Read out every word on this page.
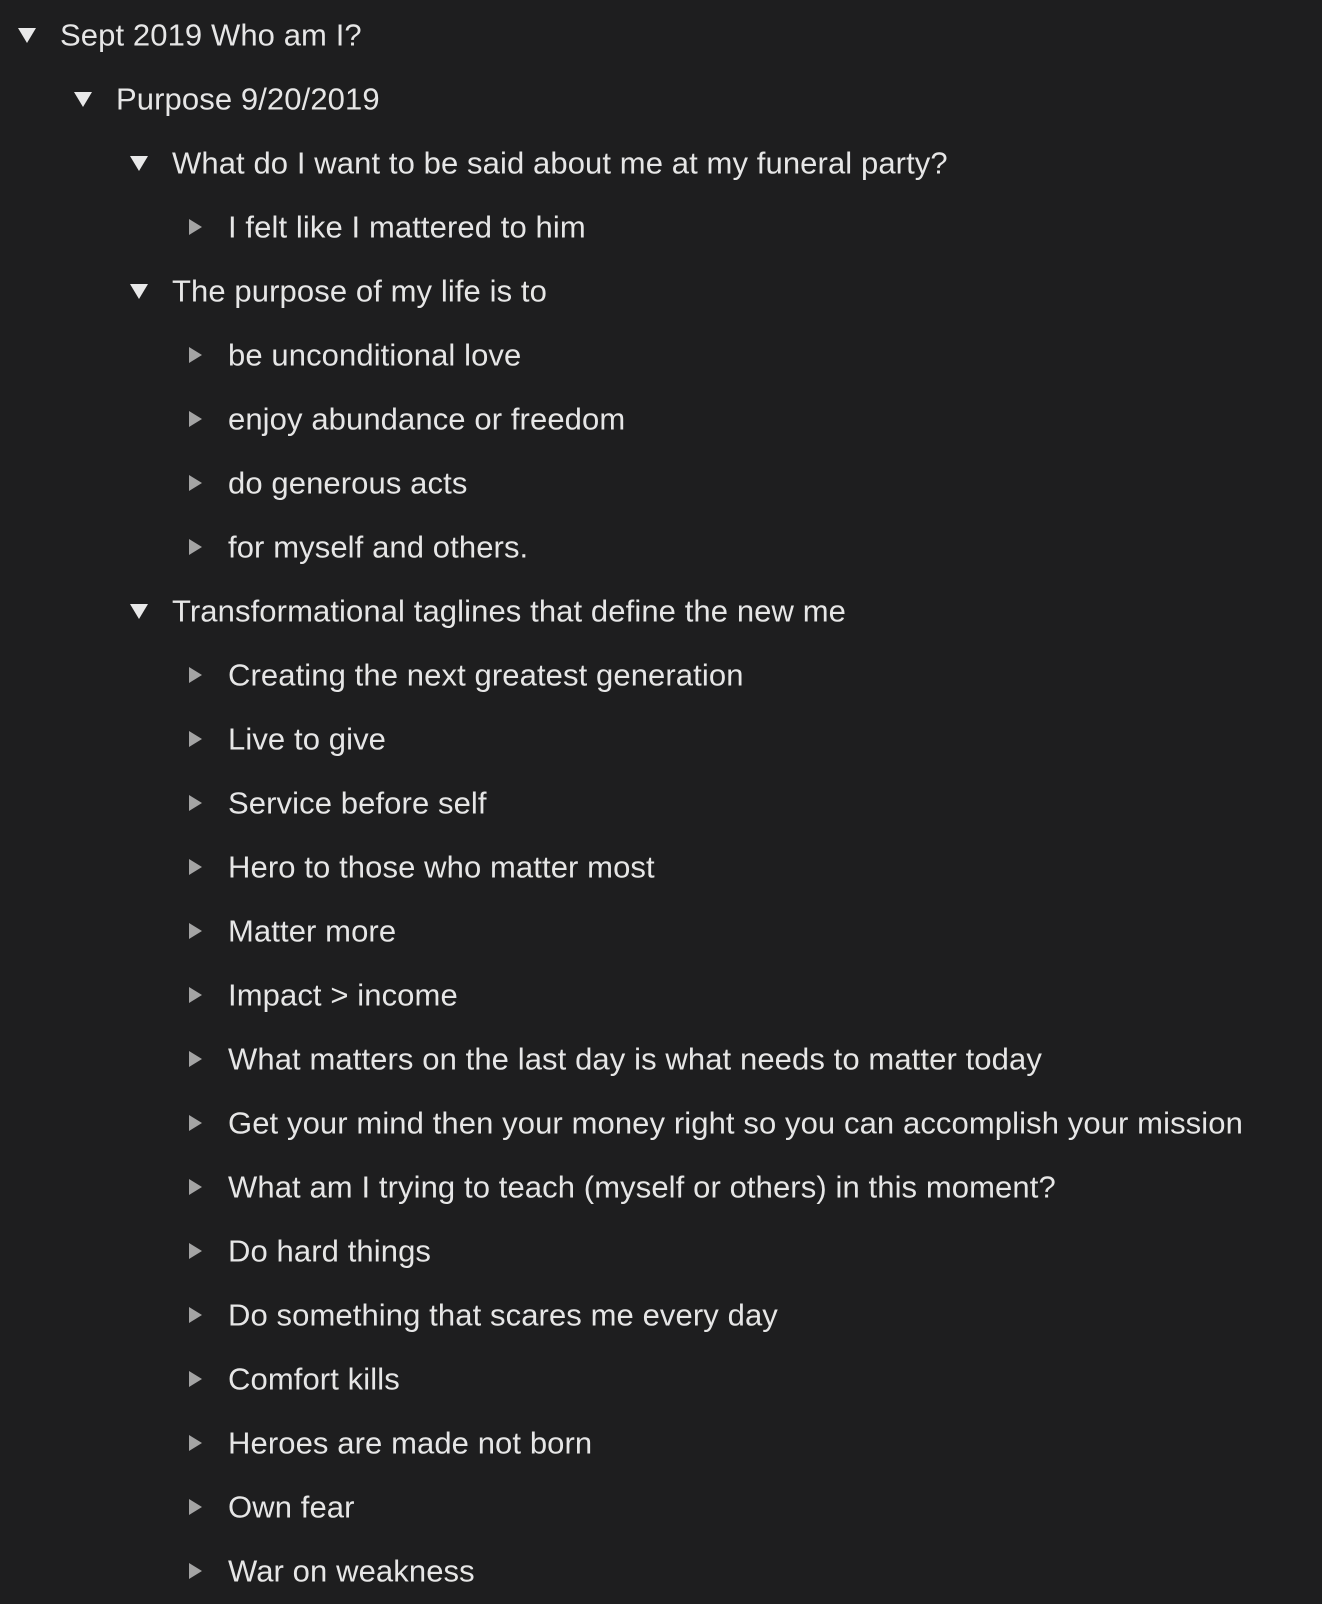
Sept 2019 Who am I?
Purpose 9/20/2019
What do I want to be said about me at my funeral party?
I felt like I mattered to him
The purpose of my life is to
be unconditional love
enjoy abundance or freedom
do generous acts
for myself and others.
Transformational taglines that define the new me
Creating the next greatest generation
Live to give
Service before self
Hero to those who matter most
Matter more
Impact > income
What matters on the last day is what needs to matter today
Get your mind then your money right so you can accomplish your mission
What am I trying to teach (myself or others) in this moment?
Do hard things
Do something that scares me every day
Comfort kills
Heroes are made not born
Own fear
War on weakness
